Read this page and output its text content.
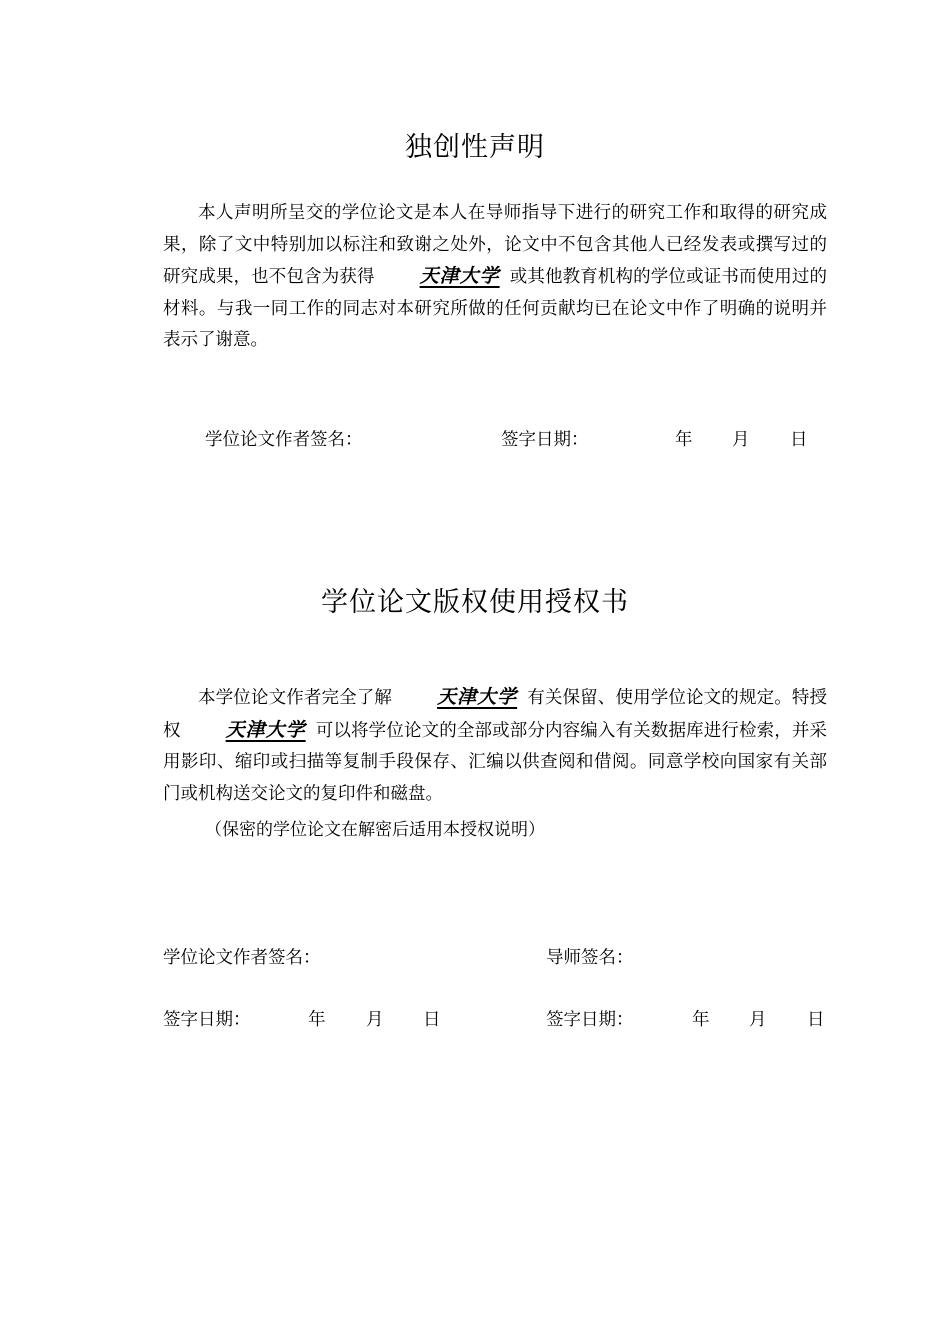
独创性声明

本人声明所呈交的学位论文是本人在导师指导下进行的研究工作和取得的研究成果，除了文中特别加以标注和致谢之处外，论文中不包含其他人已经发表或撰写过的研究成果，也不包含为获得 天津大学 或其他教育机构的学位或证书而使用过的材料。与我一同工作的同志对本研究所做的任何贡献均已在论文中作了明确的说明并表示了谢意。

学位论文作者签名：	签字日期：	年 月 日
学位论文版权使用授权书

本学位论文作者完全了解 天津大学 有关保留、使用学位论文的规定。特授权 天津大学 可以将学位论文的全部或部分内容编入有关数据库进行检索，并采用影印、缩印或扫描等复制手段保存、汇编以供查阅和借阅。同意学校向国家有关部门或机构送交论文的复印件和磁盘。

（保密的学位论文在解密后适用本授权说明）
学位论文作者签名：	导师签名：
签字日期：	年 月 日	签字日期：	年 月 日
